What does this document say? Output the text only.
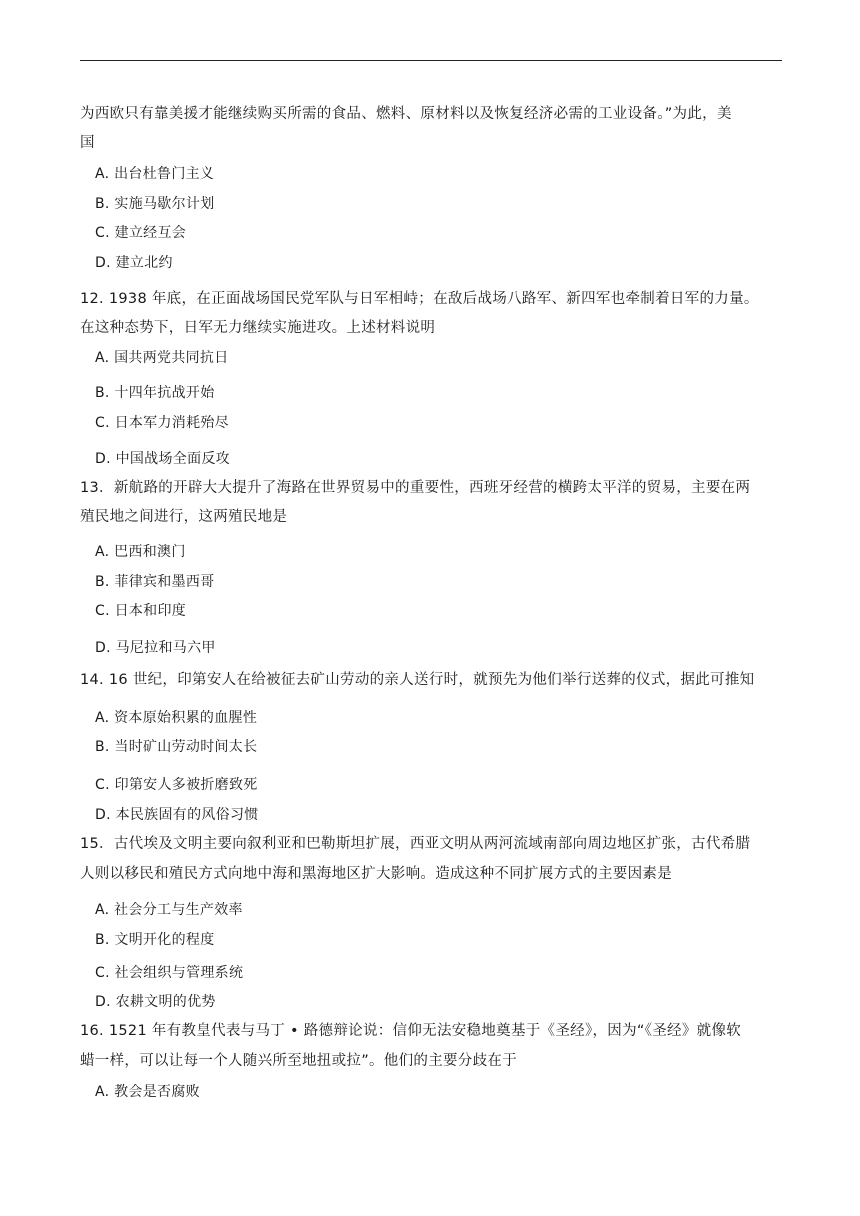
为西欧只有靠美援才能继续购买所需的食品、燃料、原材料以及恢复经济必需的工业设备。”为此，美
国
A. 出台杜鲁门主义
B. 实施马歇尔计划
C. 建立经互会
D. 建立北约
12. 1938 年底，在正面战场国民党军队与日军相峙；在敌后战场八路军、新四军也牵制着日军的力量。
在这种态势下，日军无力继续实施进攻。上述材料说明
A. 国共两党共同抗日
B. 十四年抗战开始
C. 日本军力消耗殆尽
D. 中国战场全面反攻
13．新航路的开辟大大提升了海路在世界贸易中的重要性，西班牙经营的横跨太平洋的贸易，主要在两
殖民地之间进行，这两殖民地是
A. 巴西和澳门
B. 菲律宾和墨西哥
C. 日本和印度
D. 马尼拉和马六甲
14. 16 世纪，印第安人在给被征去矿山劳动的亲人送行时，就预先为他们举行送葬的仪式，据此可推知
A. 资本原始积累的血腥性
B. 当时矿山劳动时间太长
C. 印第安人多被折磨致死
D. 本民族固有的风俗习惯
15．古代埃及文明主要向叙利亚和巴勒斯坦扩展，西亚文明从两河流域南部向周边地区扩张，古代希腊
人则以移民和殖民方式向地中海和黑海地区扩大影响。造成这种不同扩展方式的主要因素是
A. 社会分工与生产效率
B. 文明开化的程度
C. 社会组织与管理系统
D. 农耕文明的优势
16. 1521 年有教皇代表与马丁 • 路德辩论说：信仰无法安稳地奠基于《圣经》，因为“《圣经》就像软
蜡一样，可以让每一个人随兴所至地扭或拉”。他们的主要分歧在于
A. 教会是否腐败
